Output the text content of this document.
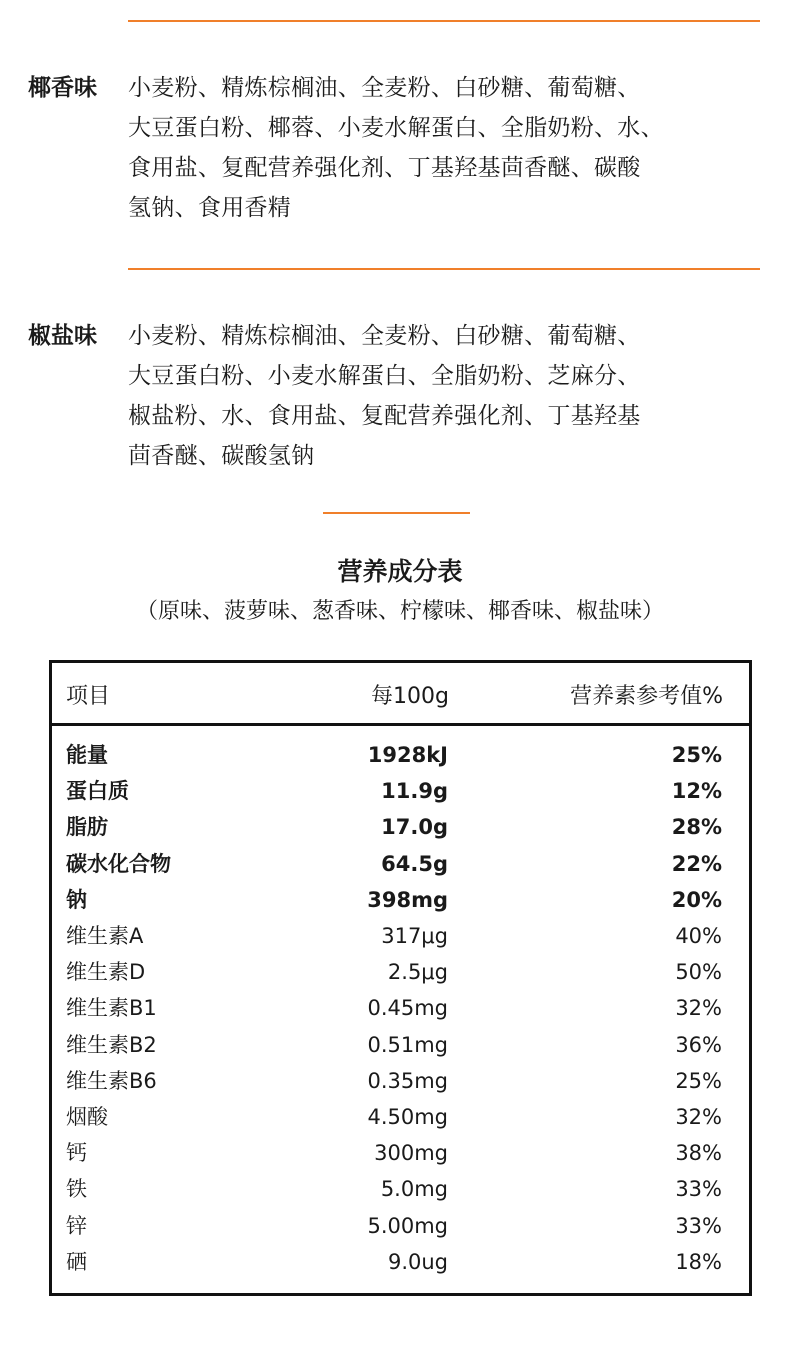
椰香味 小麦粉、精炼棕榈油、全麦粉、白砂糖、葡萄糖、
大豆蛋白粉、椰蓉、小麦水解蛋白、全脂奶粉、水、
食用盐、复配营养强化剂、丁基羟基茴香醚、碳酸
氢钠、食用香精
椒盐味 小麦粉、精炼棕榈油、全麦粉、白砂糖、葡萄糖、
大豆蛋白粉、小麦水解蛋白、全脂奶粉、芝麻分、
椒盐粉、水、食用盐、复配营养强化剂、丁基羟基
茴香醚、碳酸氢钠
营养成分表
（原味、菠萝味、葱香味、柠檬味、椰香味、椒盐味）
项目	每100g	营养素参考值%
能量	1928kJ	25%
蛋白质	11.9g	12%
脂肪	17.0g	28%
碳水化合物	64.5g	22%
钠	398mg	20%
维生素A	317μg	40%
维生素D	2.5μg	50%
维生素B1	0.45mg	32%
维生素B2	0.51mg	36%
维生素B6	0.35mg	25%
烟酸	4.50mg	32%
钙	300mg	38%
铁	5.0mg	33%
锌	5.00mg	33%
硒	9.0ug	18%
